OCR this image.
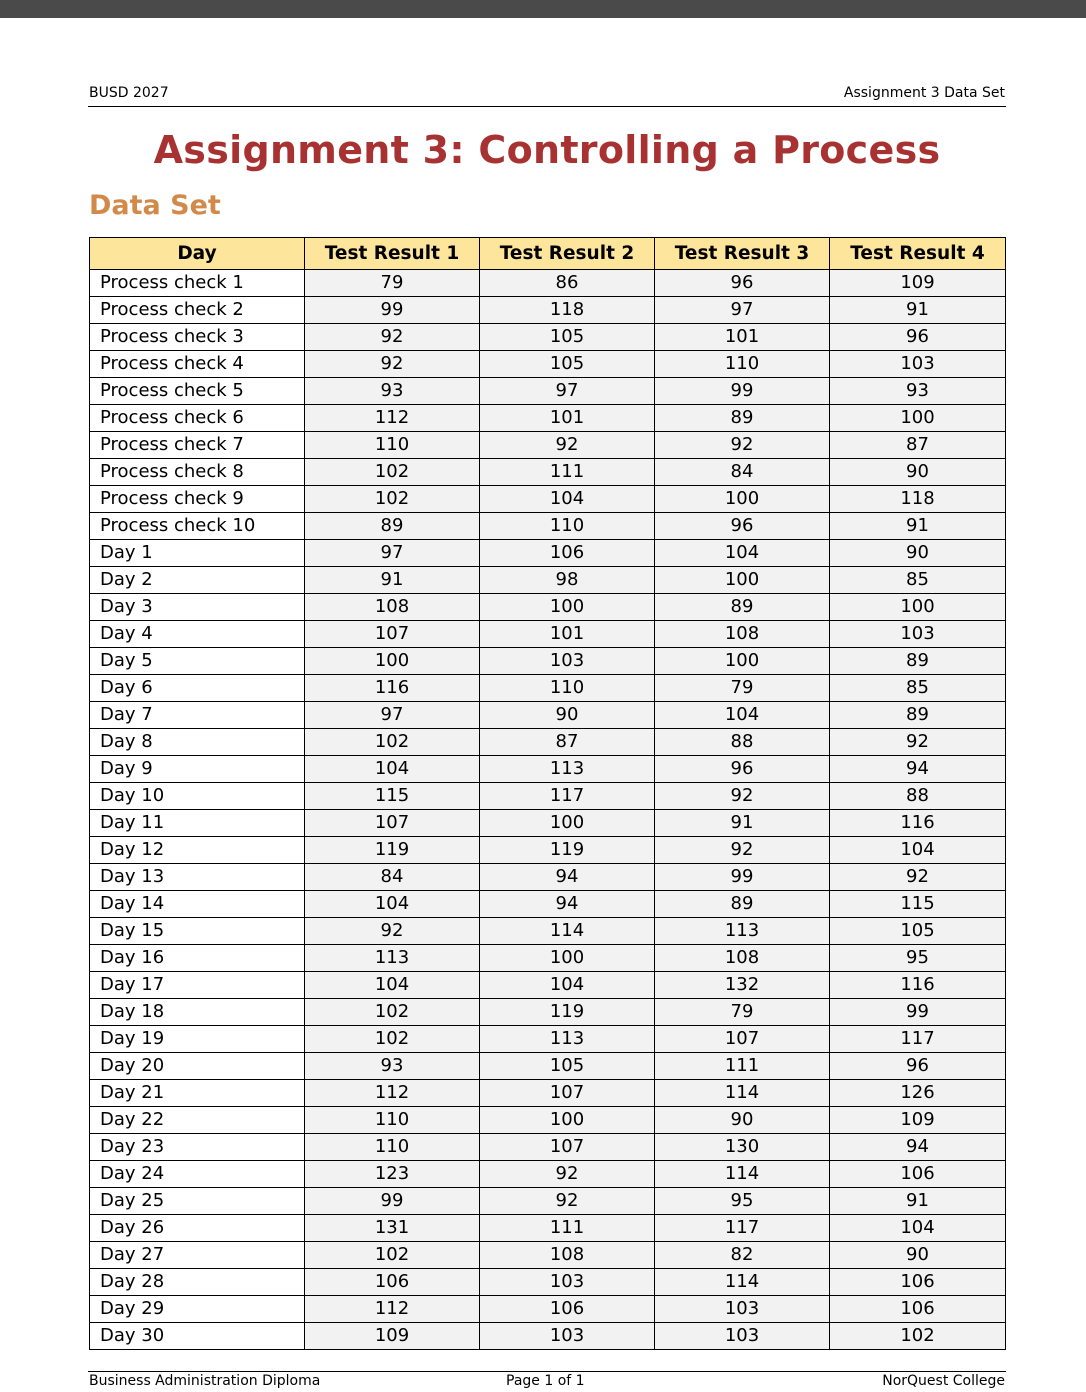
BUSD 2027	Assignment 3 Data Set
Assignment 3: Controlling a Process
Data Set
Day	Test Result 1	Test Result 2	Test Result 3	Test Result 4
Process check 1	79	86	96	109
Process check 2	99	118	97	91
Process check 3	92	105	101	96
Process check 4	92	105	110	103
Process check 5	93	97	99	93
Process check 6	112	101	89	100
Process check 7	110	92	92	87
Process check 8	102	111	84	90
Process check 9	102	104	100	118
Process check 10	89	110	96	91
Day 1	97	106	104	90
Day 2	91	98	100	85
Day 3	108	100	89	100
Day 4	107	101	108	103
Day 5	100	103	100	89
Day 6	116	110	79	85
Day 7	97	90	104	89
Day 8	102	87	88	92
Day 9	104	113	96	94
Day 10	115	117	92	88
Day 11	107	100	91	116
Day 12	119	119	92	104
Day 13	84	94	99	92
Day 14	104	94	89	115
Day 15	92	114	113	105
Day 16	113	100	108	95
Day 17	104	104	132	116
Day 18	102	119	79	99
Day 19	102	113	107	117
Day 20	93	105	111	96
Day 21	112	107	114	126
Day 22	110	100	90	109
Day 23	110	107	130	94
Day 24	123	92	114	106
Day 25	99	92	95	91
Day 26	131	111	117	104
Day 27	102	108	82	90
Day 28	106	103	114	106
Day 29	112	106	103	106
Day 30	109	103	103	102
Business Administration Diploma	Page 1 of 1	NorQuest College
